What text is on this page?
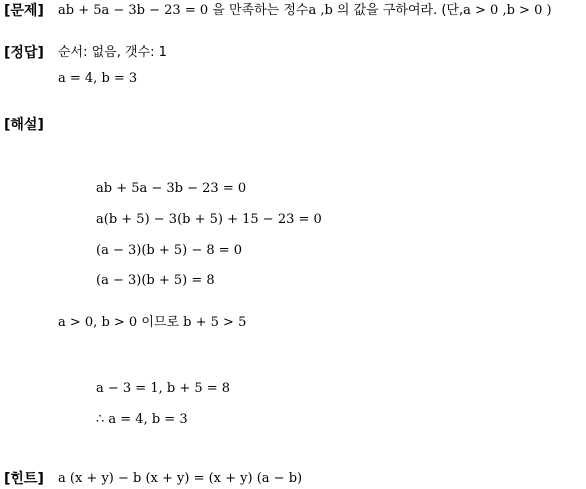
[문제] ab + 5a − 3b − 23 = 0 을 만족하는 정수a ,b 의 값을 구하여라. (단,a > 0 ,b > 0 )
[정답] 순서: 없음, 갯수: 1
a = 4, b = 3
[해설]
ab + 5a − 3b − 23 = 0
a(b + 5) − 3(b + 5) + 15 − 23 = 0
(a − 3)(b + 5) − 8 = 0
(a − 3)(b + 5) = 8
a > 0, b > 0 이므로 b + 5 > 5
a − 3 = 1, b + 5 = 8
∴ a = 4, b = 3
[힌트] a (x + y) − b (x + y) = (x + y) (a − b)
